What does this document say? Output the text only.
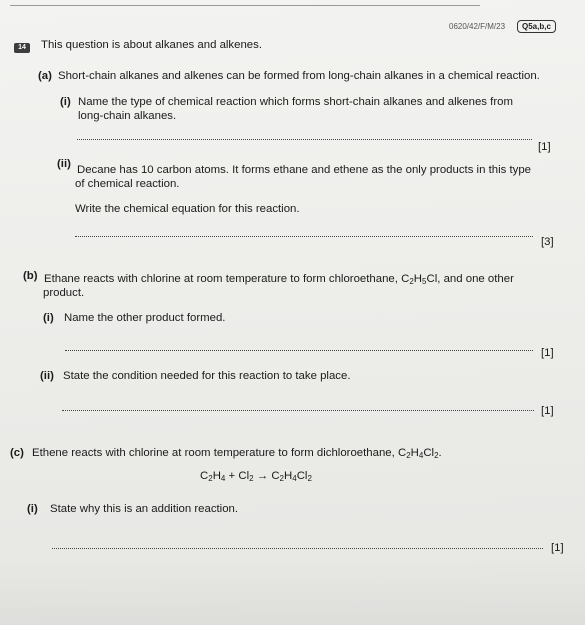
0620/42/F/M/23	Q5a,b,c
14	This question is about alkanes and alkenes.
(a) Short-chain alkanes and alkenes can be formed from long-chain alkanes in a chemical reaction.
(i) Name the type of chemical reaction which forms short-chain alkanes and alkenes from
long-chain alkanes.
[1]
(ii) Decane has 10 carbon atoms. It forms ethane and ethene as the only products in this type
of chemical reaction.
Write the chemical equation for this reaction.
[3]
(b) Ethane reacts with chlorine at room temperature to form chloroethane, $C_2H_5Cl$, and one other
product.
(i) Name the other product formed.
[1]
(ii) State the condition needed for this reaction to take place.
[1]
(c) Ethene reacts with chlorine at room temperature to form dichloroethane, $C_2H_4Cl_2$.
$C_2H_4 + Cl_2 \to C_2H_4Cl_2$
(i) State why this is an addition reaction.
[1]
